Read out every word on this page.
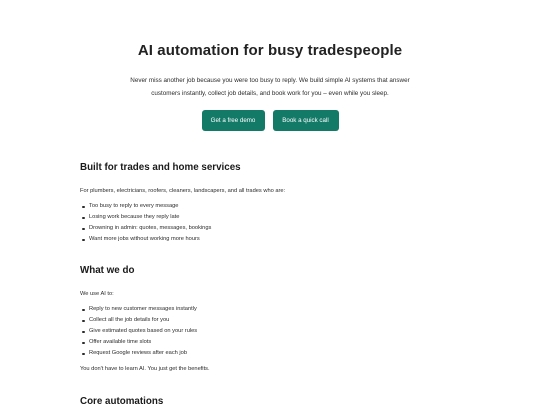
AI automation for busy tradespeople
Never miss another job because you were too busy to reply. We build simple AI systems that answer
customers instantly, collect job details, and book work for you – even while you sleep.
Get a free demo	Book a quick call
Built for trades and home services

For plumbers, electricians, roofers, cleaners, landscapers, and all trades who are:

Too busy to reply to every message
Losing work because they reply late
Drowning in admin: quotes, messages, bookings
Want more jobs without working more hours
What we do

We use AI to:

Reply to new customer messages instantly
Collect all the job details for you
Give estimated quotes based on your rules
Offer available time slots
Request Google reviews after each job

You don't have to learn AI. You just get the benefits.

Core automations
